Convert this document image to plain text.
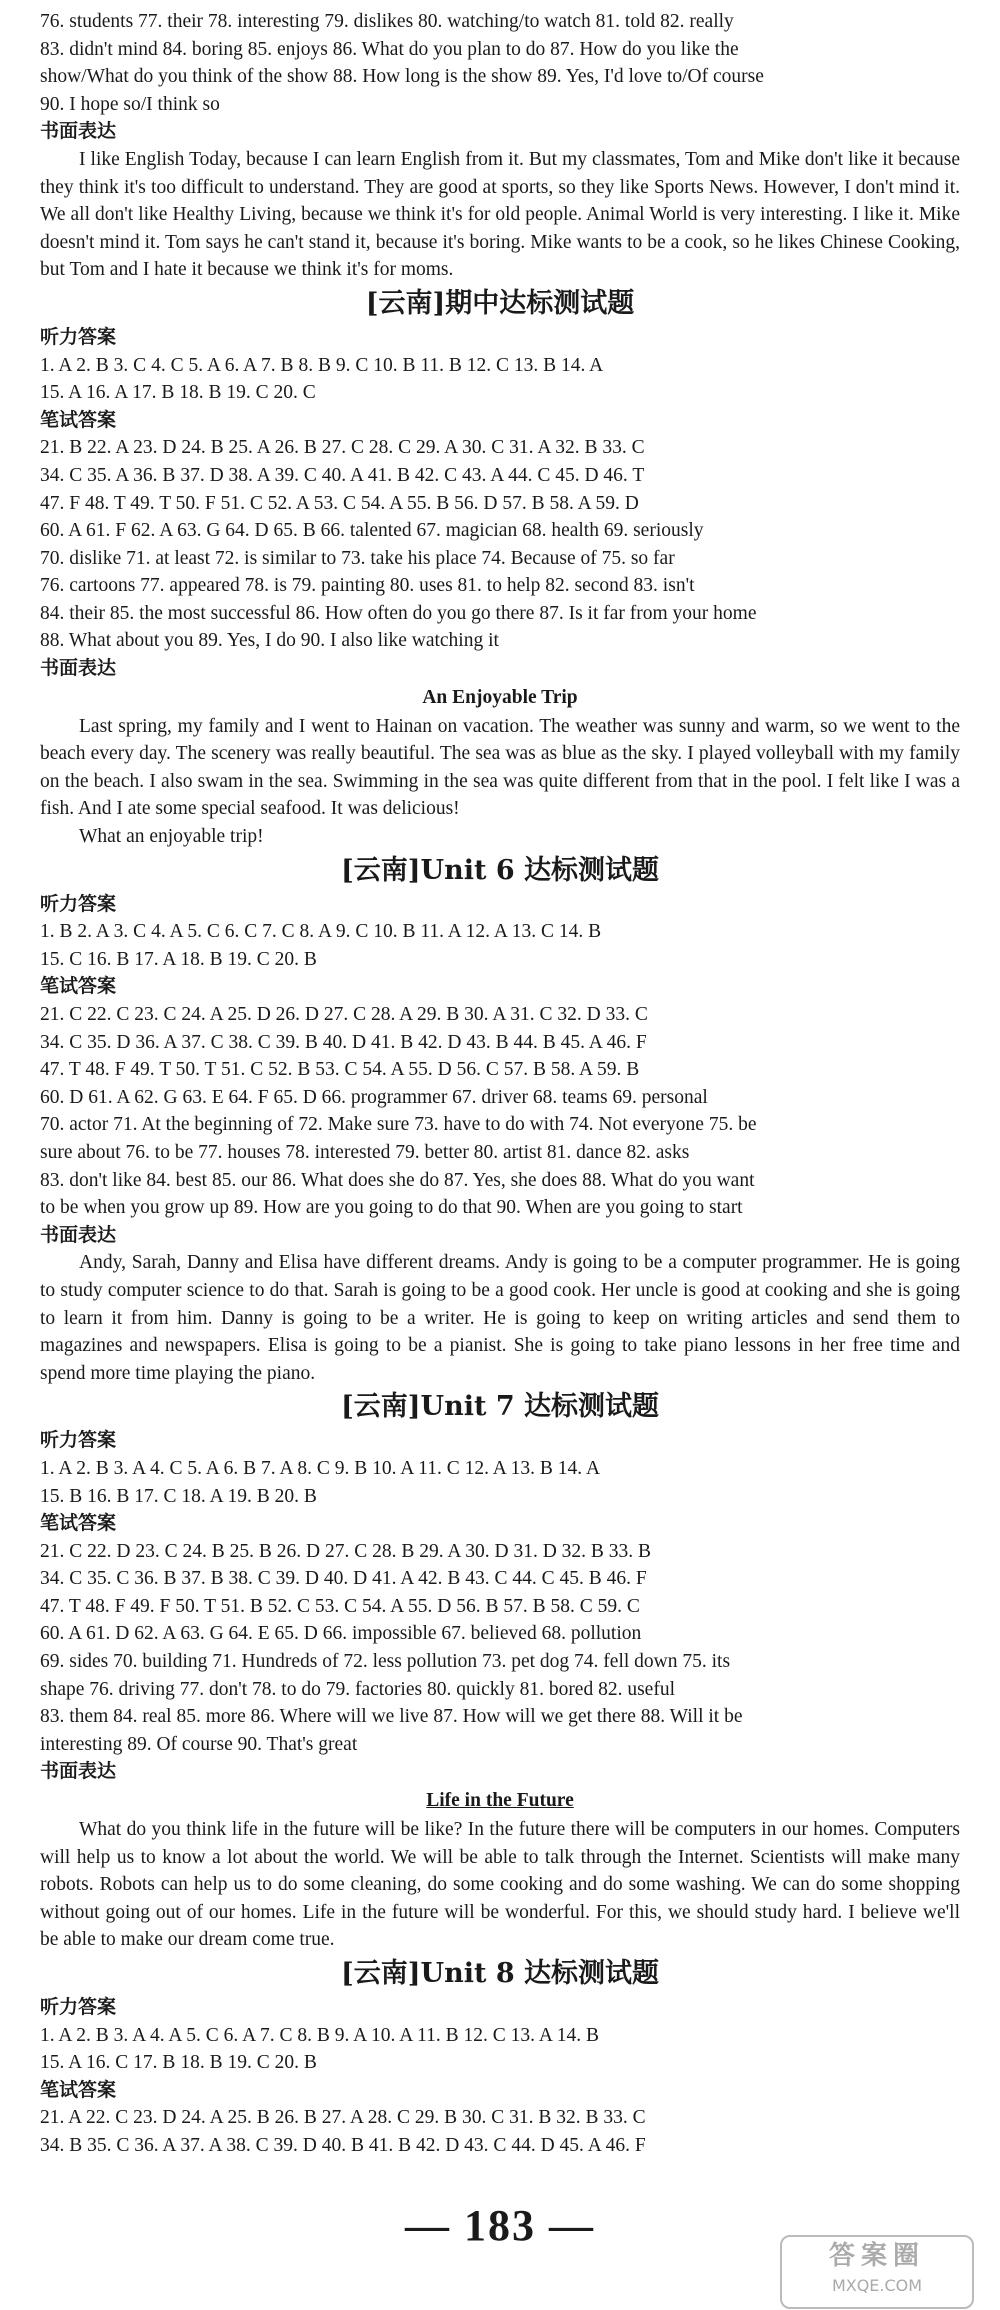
76. students 77. their 78. interesting 79. dislikes 80. watching/to watch 81. told 82. really
83. didn't mind 84. boring 85. enjoys 86. What do you plan to do 87. How do you like the
show/What do you think of the show 88. How long is the show 89. Yes, I'd love to/Of course
90. I hope so/I think so
书面表达

I like English Today, because I can learn English from it. But my classmates, Tom and Mike don't like it because they think it's too difficult to understand. They are good at sports, so they like Sports News. However, I don't mind it. We all don't like Healthy Living, because we think it's for old people. Animal World is very interesting. I like it. Mike doesn't mind it. Tom says he can't stand it, because it's boring. Mike wants to be a cook, so he likes Chinese Cooking, but Tom and I hate it because we think it's for moms.

[云南]期中达标测试题
听力答案
1. A 2. B 3. C 4. C 5. A 6. A 7. B 8. B 9. C 10. B 11. B 12. C 13. B 14. A
15. A 16. A 17. B 18. B 19. C 20. C
笔试答案
21. B 22. A 23. D 24. B 25. A 26. B 27. C 28. C 29. A 30. C 31. A 32. B 33. C
34. C 35. A 36. B 37. D 38. A 39. C 40. A 41. B 42. C 43. A 44. C 45. D 46. T
47. F 48. T 49. T 50. F 51. C 52. A 53. C 54. A 55. B 56. D 57. B 58. A 59. D
60. A 61. F 62. A 63. G 64. D 65. B 66. talented 67. magician 68. health 69. seriously
70. dislike 71. at least 72. is similar to 73. take his place 74. Because of 75. so far
76. cartoons 77. appeared 78. is 79. painting 80. uses 81. to help 82. second 83. isn't
84. their 85. the most successful 86. How often do you go there 87. Is it far from your home
88. What about you 89. Yes, I do 90. I also like watching it
书面表达
An Enjoyable Trip

Last spring, my family and I went to Hainan on vacation. The weather was sunny and warm, so we went to the beach every day. The scenery was really beautiful. The sea was as blue as the sky. I played volleyball with my family on the beach. I also swam in the sea. Swimming in the sea was quite different from that in the pool. I felt like I was a fish. And I ate some special seafood. It was delicious!

What an enjoyable trip!

[云南]Unit 6 达标测试题
听力答案
1. B 2. A 3. C 4. A 5. C 6. C 7. C 8. A 9. C 10. B 11. A 12. A 13. C 14. B
15. C 16. B 17. A 18. B 19. C 20. B
笔试答案
21. C 22. C 23. C 24. A 25. D 26. D 27. C 28. A 29. B 30. A 31. C 32. D 33. C
34. C 35. D 36. A 37. C 38. C 39. B 40. D 41. B 42. D 43. B 44. B 45. A 46. F
47. T 48. F 49. T 50. T 51. C 52. B 53. C 54. A 55. D 56. C 57. B 58. A 59. B
60. D 61. A 62. G 63. E 64. F 65. D 66. programmer 67. driver 68. teams 69. personal
70. actor 71. At the beginning of 72. Make sure 73. have to do with 74. Not everyone 75. be
sure about 76. to be 77. houses 78. interested 79. better 80. artist 81. dance 82. asks
83. don't like 84. best 85. our 86. What does she do 87. Yes, she does 88. What do you want
to be when you grow up 89. How are you going to do that 90. When are you going to start
书面表达

Andy, Sarah, Danny and Elisa have different dreams. Andy is going to be a computer programmer. He is going to study computer science to do that. Sarah is going to be a good cook. Her uncle is good at cooking and she is going to learn it from him. Danny is going to be a writer. He is going to keep on writing articles and send them to magazines and newspapers. Elisa is going to be a pianist. She is going to take piano lessons in her free time and spend more time playing the piano.

[云南]Unit 7 达标测试题
听力答案
1. A 2. B 3. A 4. C 5. A 6. B 7. A 8. C 9. B 10. A 11. C 12. A 13. B 14. A
15. B 16. B 17. C 18. A 19. B 20. B
笔试答案
21. C 22. D 23. C 24. B 25. B 26. D 27. C 28. B 29. A 30. D 31. D 32. B 33. B
34. C 35. C 36. B 37. B 38. C 39. D 40. D 41. A 42. B 43. C 44. C 45. B 46. F
47. T 48. F 49. F 50. T 51. B 52. C 53. C 54. A 55. D 56. B 57. B 58. C 59. C
60. A 61. D 62. A 63. G 64. E 65. D 66. impossible 67. believed 68. pollution
69. sides 70. building 71. Hundreds of 72. less pollution 73. pet dog 74. fell down 75. its
shape 76. driving 77. don't 78. to do 79. factories 80. quickly 81. bored 82. useful
83. them 84. real 85. more 86. Where will we live 87. How will we get there 88. Will it be
interesting 89. Of course 90. That's great
书面表达
Life in the Future

What do you think life in the future will be like? In the future there will be computers in our homes. Computers will help us to know a lot about the world. We will be able to talk through the Internet. Scientists will make many robots. Robots can help us to do some cleaning, do some cooking and do some washing. We can do some shopping without going out of our homes. Life in the future will be wonderful. For this, we should study hard. I believe we'll be able to make our dream come true.

[云南]Unit 8 达标测试题
听力答案
1. A 2. B 3. A 4. A 5. C 6. A 7. C 8. B 9. A 10. A 11. B 12. C 13. A 14. B
15. A 16. C 17. B 18. B 19. C 20. B
笔试答案
21. A 22. C 23. D 24. A 25. B 26. B 27. A 28. C 29. B 30. C 31. B 32. B 33. C
34. B 35. C 36. A 37. A 38. C 39. D 40. B 41. B 42. D 43. C 44. D 45. A 46. F
— 183 —
答案圈
MXQE.COM
